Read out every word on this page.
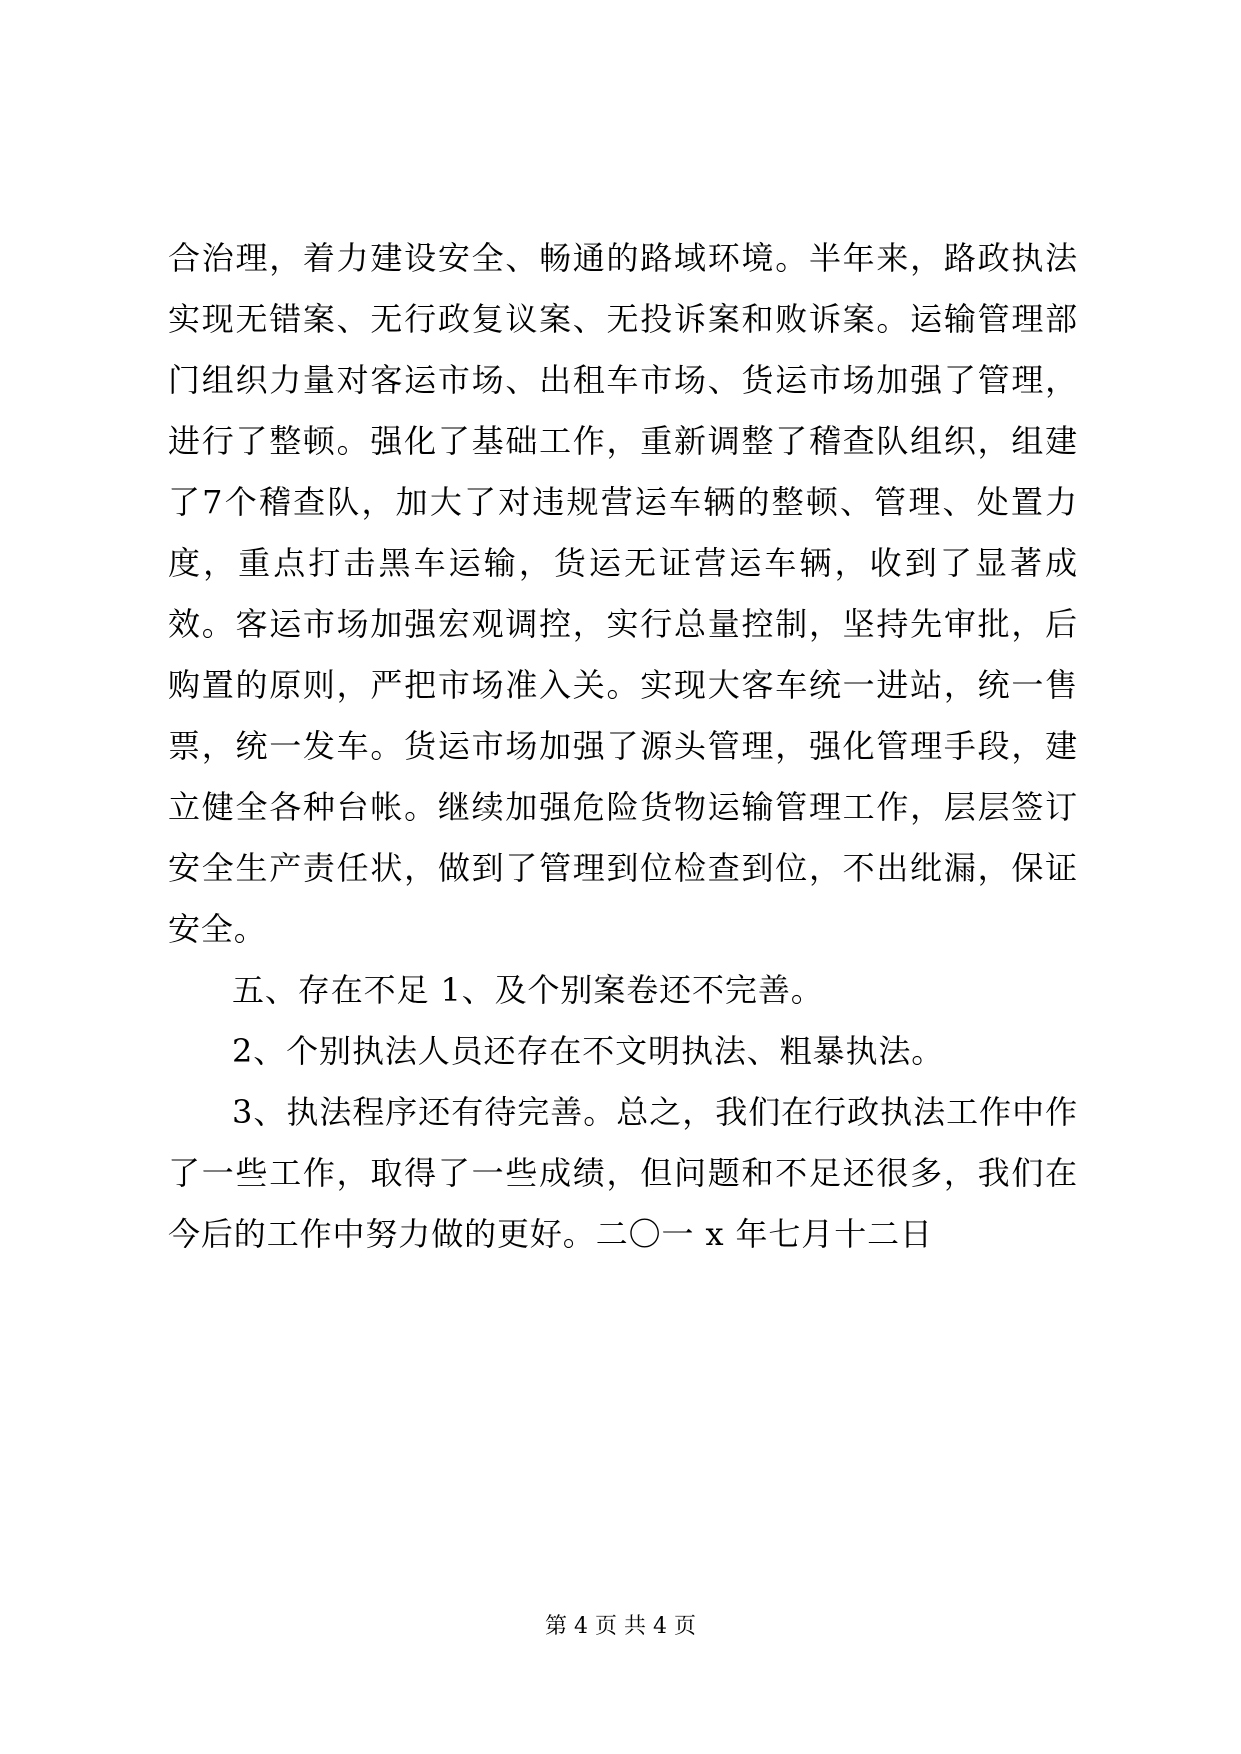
合治理，着力建设安全、畅通的路域环境。半年来，路政执法实现无错案、无行政复议案、无投诉案和败诉案。运输管理部门组织力量对客运市场、出租车市场、货运市场加强了管理，进行了整顿。强化了基础工作，重新调整了稽查队组织，组建了7个稽查队，加大了对违规营运车辆的整顿、管理、处置力度，重点打击黑车运输，货运无证营运车辆，收到了显著成效。客运市场加强宏观调控，实行总量控制，坚持先审批，后购置的原则，严把市场准入关。实现大客车统一进站，统一售票，统一发车。货运市场加强了源头管理，强化管理手段，建立健全各种台帐。继续加强危险货物运输管理工作，层层签订安全生产责任状，做到了管理到位检查到位，不出纰漏，保证安全。

五、存在不足 1、及个别案卷还不完善。

2、个别执法人员还存在不文明执法、粗暴执法。

3、执法程序还有待完善。总之，我们在行政执法工作中作了一些工作，取得了一些成绩，但问题和不足还很多，我们在今后的工作中努力做的更好。二〇一 x 年七月十二日

第 4 页 共 4 页
